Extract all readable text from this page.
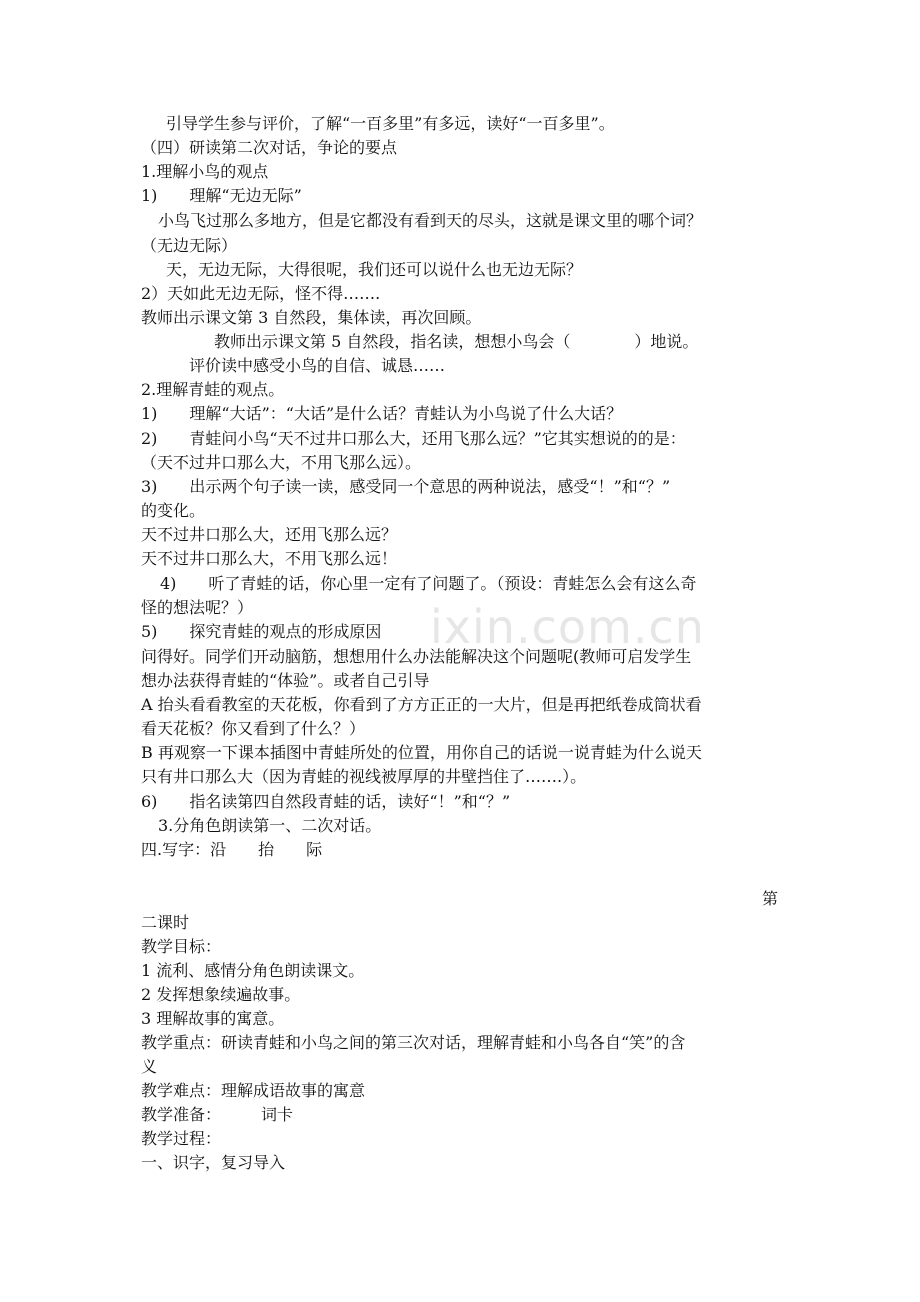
ixin.com.cn
引导学生参与评价，了解“一百多里”有多远，读好“一百多里”。
（四）研读第二次对话，争论的要点
1.理解小鸟的观点
1)　　理解“无边无际”
小鸟飞过那么多地方，但是它都没有看到天的尽头，这就是课文里的哪个词？
（无边无际）
天，无边无际，大得很呢，我们还可以说什么也无边无际？
2）天如此无边无际，怪不得…….
教师出示课文第 3 自然段，集体读，再次回顾。
教师出示课文第 5 自然段，指名读，想想小鸟会（　　　　）地说。
评价读中感受小鸟的自信、诚恳……
2.理解青蛙的观点。
1)　　理解“大话”：“大话”是什么话？青蛙认为小鸟说了什么大话？
2)　　青蛙问小鸟“天不过井口那么大，还用飞那么远？”它其实想说的的是：
（天不过井口那么大，不用飞那么远）。
3)　　出示两个句子读一读，感受同一个意思的两种说法，感受“！”和“？”
的变化。
天不过井口那么大，还用飞那么远？
天不过井口那么大，不用飞那么远！
4)　　听了青蛙的话，你心里一定有了问题了。（预设：青蛙怎么会有这么奇
怪的想法呢？）
5)　　探究青蛙的观点的形成原因
问得好。同学们开动脑筋，想想用什么办法能解决这个问题呢(教师可启发学生
想办法获得青蛙的“体验”。或者自己引导
A 抬头看看教室的天花板，你看到了方方正正的一大片，但是再把纸卷成筒状看
看天花板？你又看到了什么？）
B 再观察一下课本插图中青蛙所处的位置，用你自己的话说一说青蛙为什么说天
只有井口那么大（因为青蛙的视线被厚厚的井壁挡住了…….）。
6)　　指名读第四自然段青蛙的话，读好“！”和“？”
3.分角色朗读第一、二次对话。
四.写字：沿　　抬　　际
第
二课时
教学目标：
1 流利、感情分角色朗读课文。
2 发挥想象续遍故事。
3 理解故事的寓意。
教学重点：研读青蛙和小鸟之间的第三次对话，理解青蛙和小鸟各自“笑”的含
义
教学难点：理解成语故事的寓意
教学准备：　　　词卡
教学过程：
一、识字，复习导入
